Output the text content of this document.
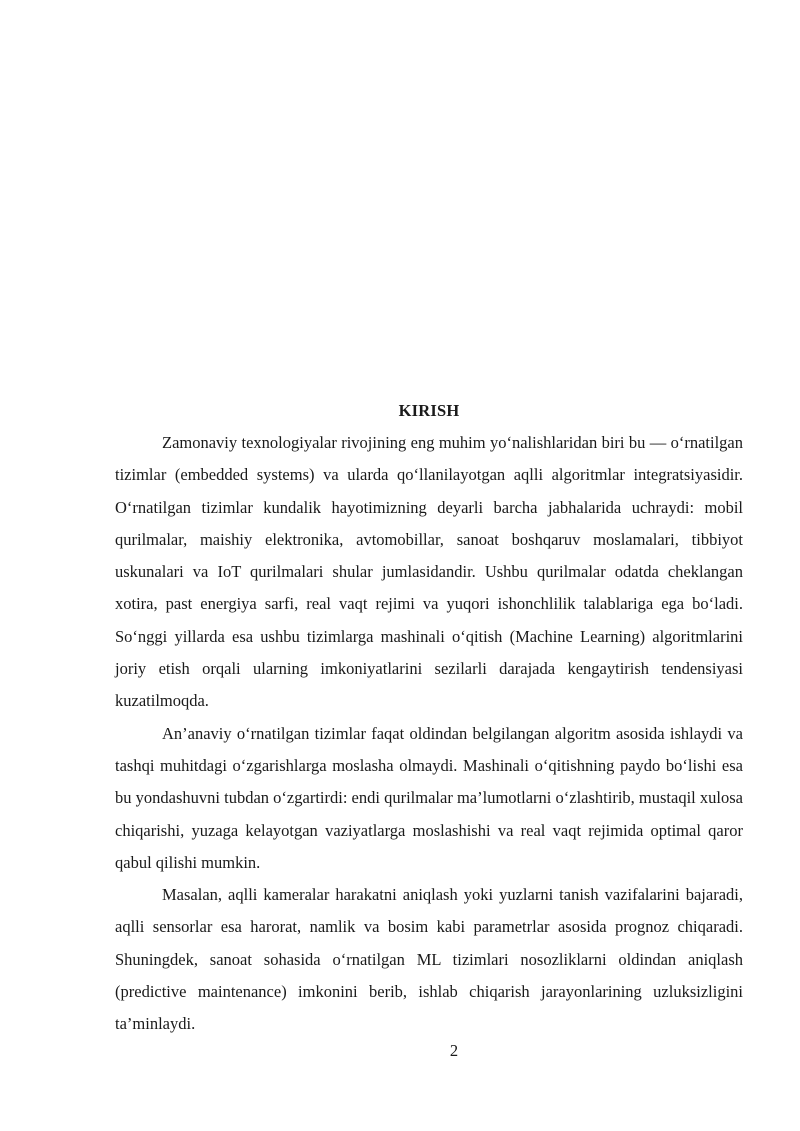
KIRISH

Zamonaviy texnologiyalar rivojining eng muhim yo‘nalishlaridan biri bu — o‘rnatilgan tizimlar (embedded systems) va ularda qo‘llanilayotgan aqlli algoritmlar integratsiyasidir. O‘rnatilgan tizimlar kundalik hayotimizning deyarli barcha jabhalarida uchraydi: mobil qurilmalar, maishiy elektronika, avtomobillar, sanoat boshqaruv moslamalari, tibbiyot uskunalari va IoT qurilmalari shular jumlasidandir. Ushbu qurilmalar odatda cheklangan xotira, past energiya sarfi, real vaqt rejimi va yuqori ishonchlilik talablariga ega bo‘ladi. So‘nggi yillarda esa ushbu tizimlarga mashinali o‘qitish (Machine Learning) algoritmlarini joriy etish orqali ularning imkoniyatlarini sezilarli darajada kengaytirish tendensiyasi kuzatilmoqda.

An’anaviy o‘rnatilgan tizimlar faqat oldindan belgilangan algoritm asosida ishlaydi va tashqi muhitdagi o‘zgarishlarga moslasha olmaydi. Mashinali o‘qitishning paydo bo‘lishi esa bu yondashuvni tubdan o‘zgartirdi: endi qurilmalar ma’lumotlarni o‘zlashtirib, mustaqil xulosa chiqarishi, yuzaga kelayotgan vaziyatlarga moslashishi va real vaqt rejimida optimal qaror qabul qilishi mumkin.

Masalan, aqlli kameralar harakatni aniqlash yoki yuzlarni tanish vazifalarini bajaradi, aqlli sensorlar esa harorat, namlik va bosim kabi parametrlar asosida prognoz chiqaradi. Shuningdek, sanoat sohasida o‘rnatilgan ML tizimlari nosozliklarni oldindan aniqlash (predictive maintenance) imkonini berib, ishlab chiqarish jarayonlarining uzluksizligini ta’minlaydi.

2
